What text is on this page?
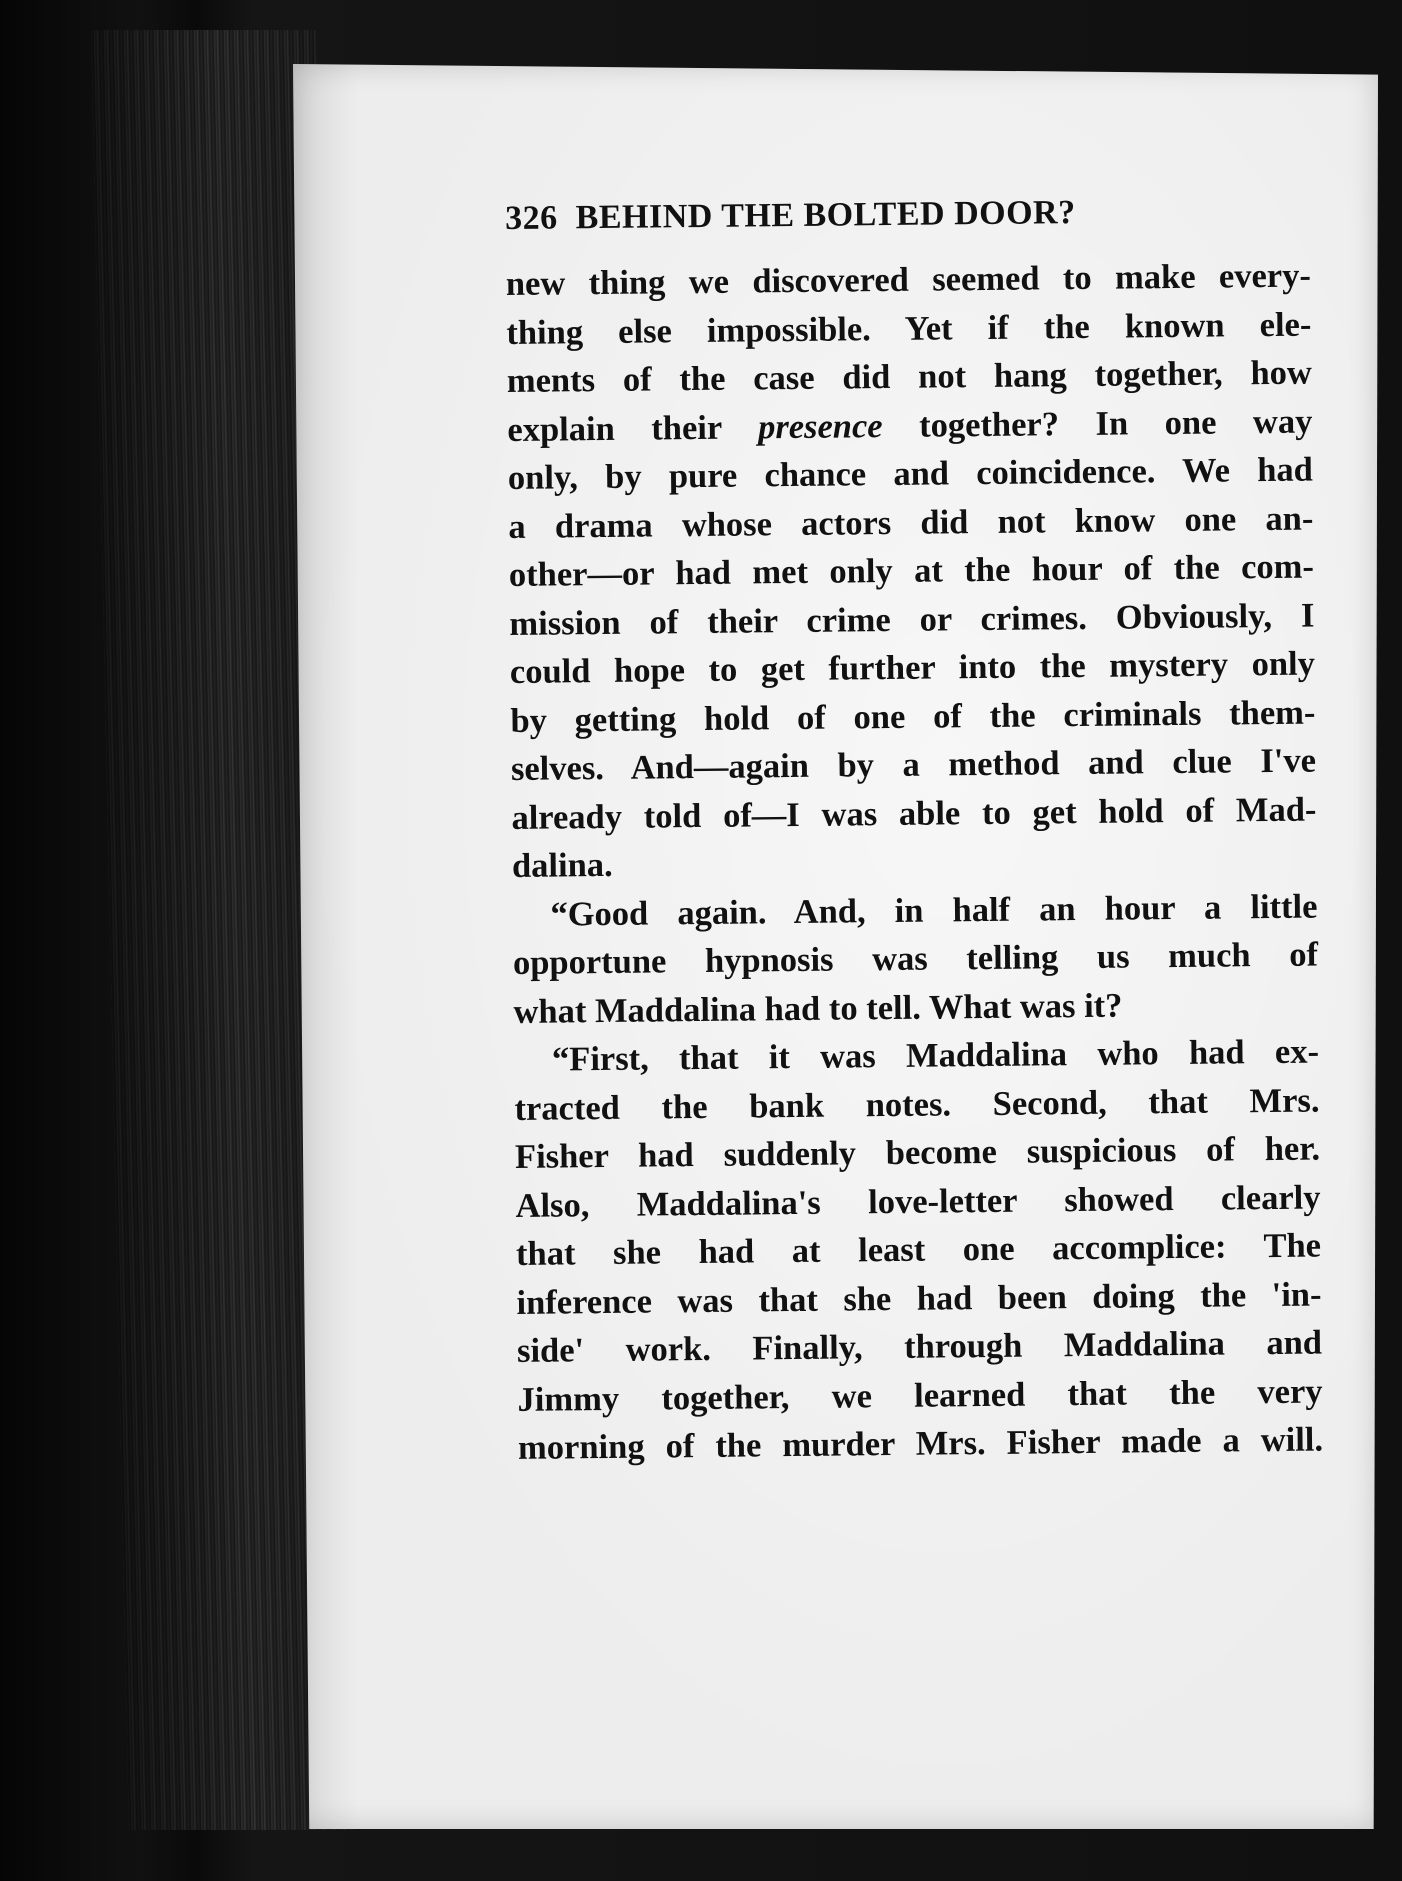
326 BEHIND THE BOLTED DOOR?
new thing we discovered seemed to make every-
thing else impossible. Yet if the known ele-
ments of the case did not hang together, how
explain their presence together? In one way
only, by pure chance and coincidence. We had
a drama whose actors did not know one an-
other—or had met only at the hour of the com-
mission of their crime or crimes. Obviously, I
could hope to get further into the mystery only
by getting hold of one of the criminals them-
selves. And—again by a method and clue I've
already told of—I was able to get hold of Mad-
dalina.
“Good again. And, in half an hour a little
opportune hypnosis was telling us much of
what Maddalina had to tell. What was it?
“First, that it was Maddalina who had ex-
tracted the bank notes. Second, that Mrs.
Fisher had suddenly become suspicious of her.
Also, Maddalina's love-letter showed clearly
that she had at least one accomplice: The
inference was that she had been doing the 'in-
side' work. Finally, through Maddalina and
Jimmy together, we learned that the very
morning of the murder Mrs. Fisher made a will.
